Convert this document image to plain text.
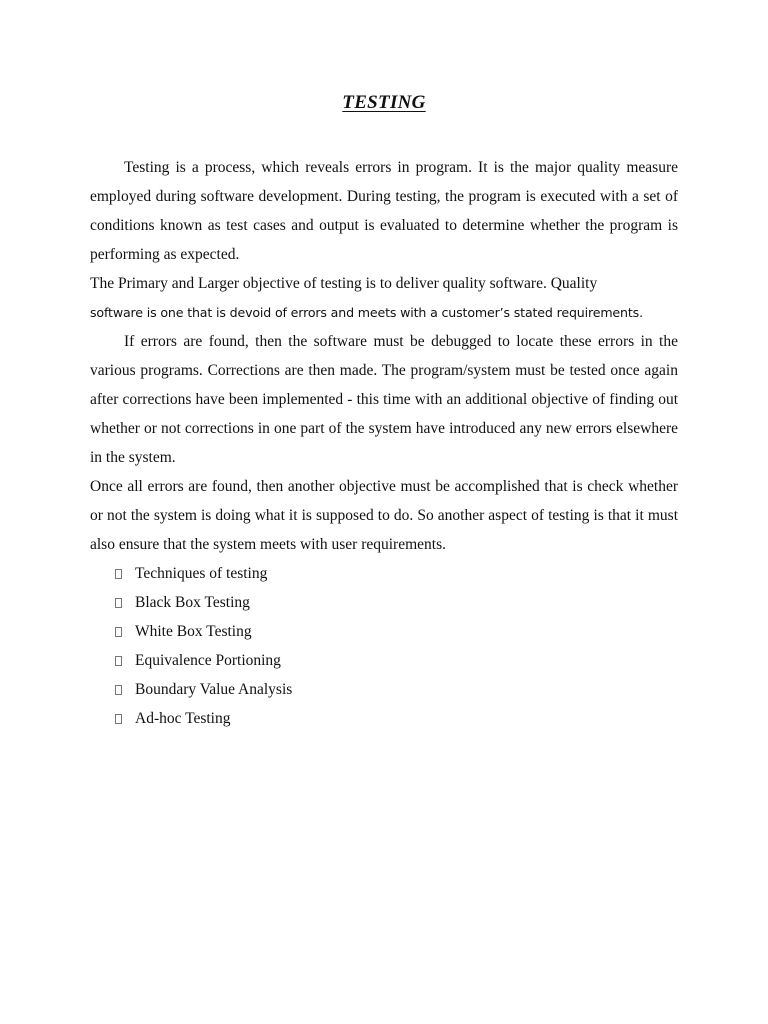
TESTING

Testing is a process, which reveals errors in program. It is the major quality measure employed during software development. During testing, the program is executed with a set of conditions known as test cases and output is evaluated to determine whether the program is performing as expected.

The Primary and Larger objective of testing is to deliver quality software. Quality
software is one that is devoid of errors and meets with a customer’s stated requirements.

If errors are found, then the software must be debugged to locate these errors in the various programs. Corrections are then made. The program/system must be tested once again after corrections have been implemented - this time with an additional objective of finding out whether or not corrections in one part of the system have introduced any new errors elsewhere in the system.

Once all errors are found, then another objective must be accomplished that is check whether or not the system is doing what it is supposed to do. So another aspect of testing is that it must also ensure that the system meets with user requirements.

Techniques of testing
Black Box Testing
White Box Testing
Equivalence Portioning
Boundary Value Analysis
Ad-hoc Testing
